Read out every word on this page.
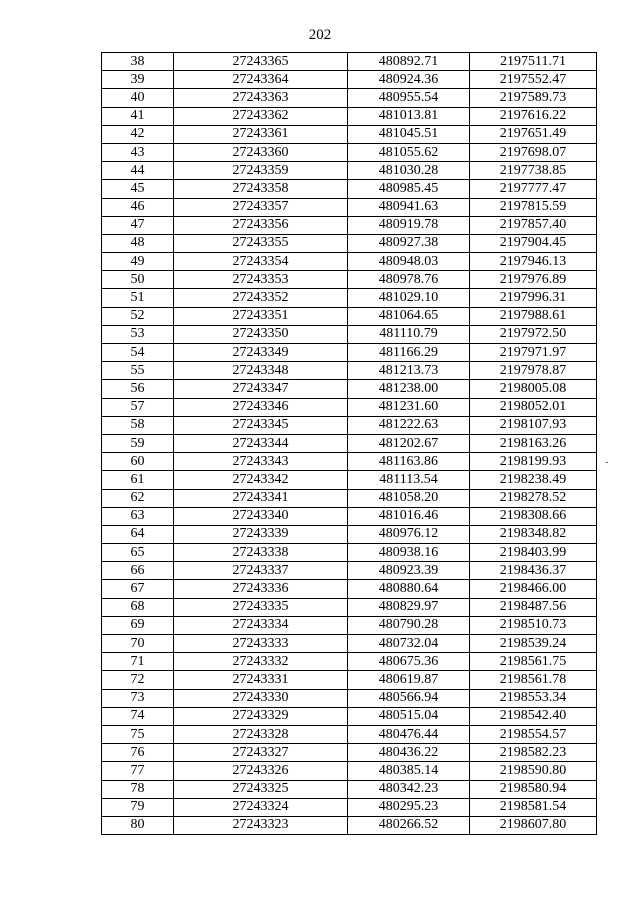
202
38	27243365	480892.71	2197511.71
39	27243364	480924.36	2197552.47
40	27243363	480955.54	2197589.73
41	27243362	481013.81	2197616.22
42	27243361	481045.51	2197651.49
43	27243360	481055.62	2197698.07
44	27243359	481030.28	2197738.85
45	27243358	480985.45	2197777.47
46	27243357	480941.63	2197815.59
47	27243356	480919.78	2197857.40
48	27243355	480927.38	2197904.45
49	27243354	480948.03	2197946.13
50	27243353	480978.76	2197976.89
51	27243352	481029.10	2197996.31
52	27243351	481064.65	2197988.61
53	27243350	481110.79	2197972.50
54	27243349	481166.29	2197971.97
55	27243348	481213.73	2197978.87
56	27243347	481238.00	2198005.08
57	27243346	481231.60	2198052.01
58	27243345	481222.63	2198107.93
59	27243344	481202.67	2198163.26
60	27243343	481163.86	2198199.93
61	27243342	481113.54	2198238.49
62	27243341	481058.20	2198278.52
63	27243340	481016.46	2198308.66
64	27243339	480976.12	2198348.82
65	27243338	480938.16	2198403.99
66	27243337	480923.39	2198436.37
67	27243336	480880.64	2198466.00
68	27243335	480829.97	2198487.56
69	27243334	480790.28	2198510.73
70	27243333	480732.04	2198539.24
71	27243332	480675.36	2198561.75
72	27243331	480619.87	2198561.78
73	27243330	480566.94	2198553.34
74	27243329	480515.04	2198542.40
75	27243328	480476.44	2198554.57
76	27243327	480436.22	2198582.23
77	27243326	480385.14	2198590.80
78	27243325	480342.23	2198580.94
79	27243324	480295.23	2198581.54
80	27243323	480266.52	2198607.80
-
